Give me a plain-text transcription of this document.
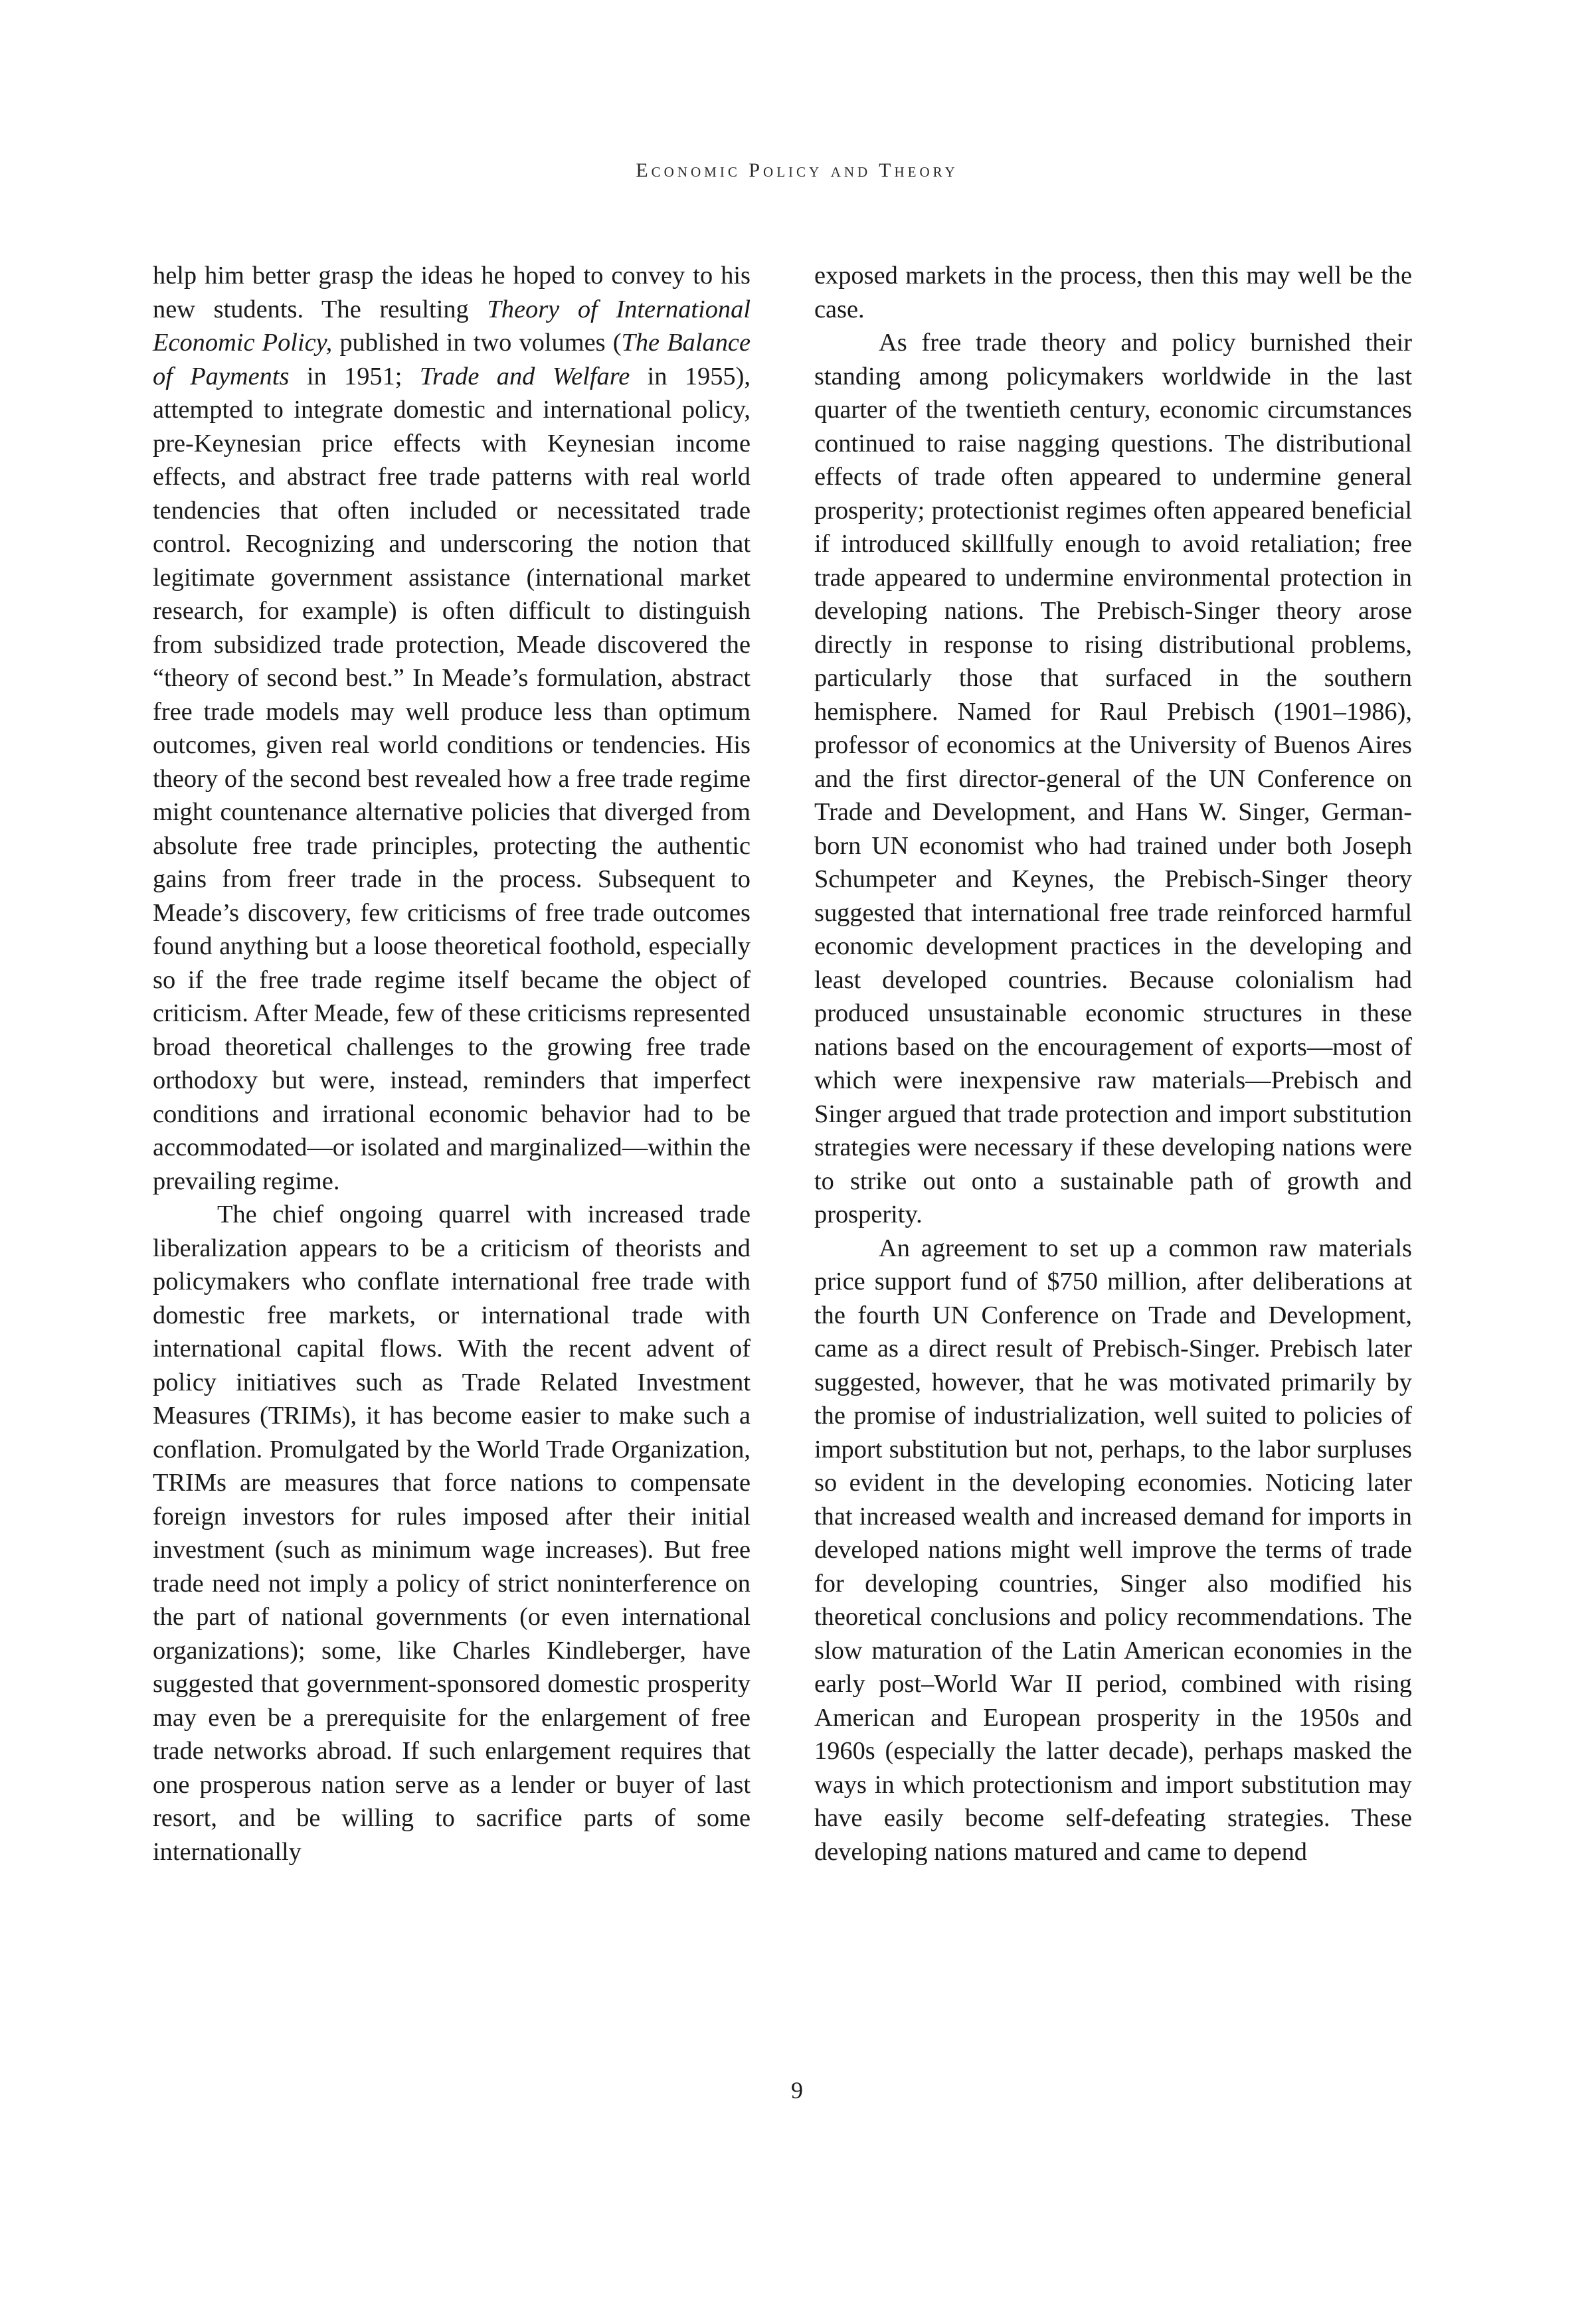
Economic Policy and Theory

help him better grasp the ideas he hoped to convey to his new students. The resulting Theory of International Economic Policy, published in two volumes (The Balance of Payments in 1951; Trade and Welfare in 1955), attempted to integrate domestic and international policy, pre-Keynesian price effects with Keynesian income effects, and abstract free trade patterns with real world tendencies that often included or necessitated trade control. Recognizing and underscoring the notion that legitimate government assistance (international market research, for example) is often difficult to distinguish from subsidized trade protection, Meade discovered the “theory of second best.” In Meade’s formulation, abstract free trade models may well produce less than optimum outcomes, given real world conditions or tendencies. His theory of the second best revealed how a free trade regime might countenance alternative policies that diverged from absolute free trade principles, protecting the authentic gains from freer trade in the process. Subsequent to Meade’s discovery, few criticisms of free trade outcomes found anything but a loose theoretical foothold, especially so if the free trade regime itself became the object of criticism. After Meade, few of these criticisms represented broad theoretical challenges to the growing free trade orthodoxy but were, instead, reminders that imperfect conditions and irrational economic behavior had to be accommodated—or isolated and marginalized—within the prevailing regime.

The chief ongoing quarrel with increased trade liberalization appears to be a criticism of theorists and policymakers who conflate international free trade with domestic free markets, or international trade with international capital flows. With the recent advent of policy initiatives such as Trade Related Investment Measures (TRIMs), it has become easier to make such a conflation. Promulgated by the World Trade Organization, TRIMs are measures that force nations to compensate foreign investors for rules imposed after their initial investment (such as minimum wage increases). But free trade need not imply a policy of strict noninterference on the part of national governments (or even international organizations); some, like Charles Kindleberger, have suggested that government-sponsored domestic prosperity may even be a prerequisite for the enlargement of free trade networks abroad. If such enlargement requires that one prosperous nation serve as a lender or buyer of last resort, and be willing to sacrifice parts of some internationally

exposed markets in the process, then this may well be the case.

As free trade theory and policy burnished their standing among policymakers worldwide in the last quarter of the twentieth century, economic circumstances continued to raise nagging questions. The distributional effects of trade often appeared to undermine general prosperity; protectionist regimes often appeared beneficial if introduced skillfully enough to avoid retaliation; free trade appeared to undermine environmental protection in developing nations. The Prebisch-Singer theory arose directly in response to rising distributional problems, particularly those that surfaced in the southern hemisphere. Named for Raul Prebisch (1901–1986), professor of economics at the University of Buenos Aires and the first director-general of the UN Conference on Trade and Development, and Hans W. Singer, German-born UN economist who had trained under both Joseph Schumpeter and Keynes, the Prebisch-Singer theory suggested that international free trade reinforced harmful economic development practices in the developing and least developed countries. Because colonialism had produced unsustainable economic structures in these nations based on the encouragement of exports—most of which were inexpensive raw materials—Prebisch and Singer argued that trade protection and import substitution strategies were necessary if these developing nations were to strike out onto a sustainable path of growth and prosperity.

An agreement to set up a common raw materials price support fund of $750 million, after deliberations at the fourth UN Conference on Trade and Development, came as a direct result of Prebisch-Singer. Prebisch later suggested, however, that he was motivated primarily by the promise of industrialization, well suited to policies of import substitution but not, perhaps, to the labor surpluses so evident in the developing economies. Noticing later that increased wealth and increased demand for imports in developed nations might well improve the terms of trade for developing countries, Singer also modified his theoretical conclusions and policy recommendations. The slow maturation of the Latin American economies in the early post–World War II period, combined with rising American and European prosperity in the 1950s and 1960s (especially the latter decade), perhaps masked the ways in which protectionism and import substitution may have easily become self-defeating strategies. These developing nations matured and came to depend

9
